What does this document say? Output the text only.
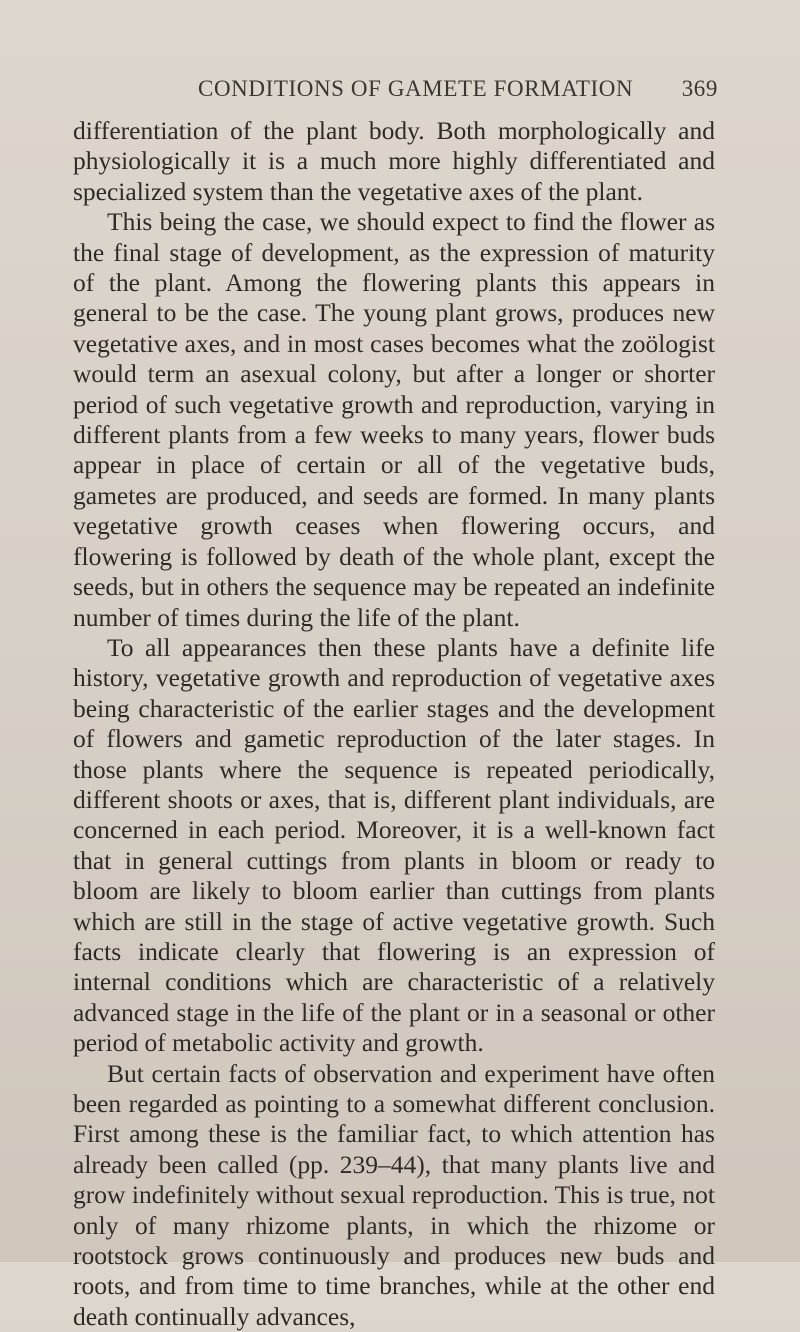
CONDITIONS OF GAMETE FORMATION 369

differentiation of the plant body. Both morphologically and physiologically it is a much more highly differentiated and specialized system than the vegetative axes of the plant.

This being the case, we should expect to find the flower as the final stage of development, as the expression of maturity of the plant. Among the flowering plants this appears in general to be the case. The young plant grows, produces new vegetative axes, and in most cases becomes what the zoölogist would term an asexual colony, but after a longer or shorter period of such vegetative growth and reproduction, varying in different plants from a few weeks to many years, flower buds appear in place of certain or all of the vegetative buds, gametes are produced, and seeds are formed. In many plants vegetative growth ceases when flowering occurs, and flowering is followed by death of the whole plant, except the seeds, but in others the sequence may be repeated an indefinite number of times during the life of the plant.

To all appearances then these plants have a definite life history, vegetative growth and reproduction of vegetative axes being characteristic of the earlier stages and the development of flowers and gametic reproduction of the later stages. In those plants where the sequence is repeated periodically, different shoots or axes, that is, different plant individuals, are concerned in each period. Moreover, it is a well-known fact that in general cuttings from plants in bloom or ready to bloom are likely to bloom earlier than cuttings from plants which are still in the stage of active vegetative growth. Such facts indicate clearly that flowering is an expression of internal conditions which are characteristic of a relatively advanced stage in the life of the plant or in a seasonal or other period of metabolic activity and growth.

But certain facts of observation and experiment have often been regarded as pointing to a somewhat different conclusion. First among these is the familiar fact, to which attention has already been called (pp. 239–44), that many plants live and grow indefinitely without sexual reproduction. This is true, not only of many rhizome plants, in which the rhizome or rootstock grows continuously and produces new buds and roots, and from time to time branches, while at the other end death continually advances,
